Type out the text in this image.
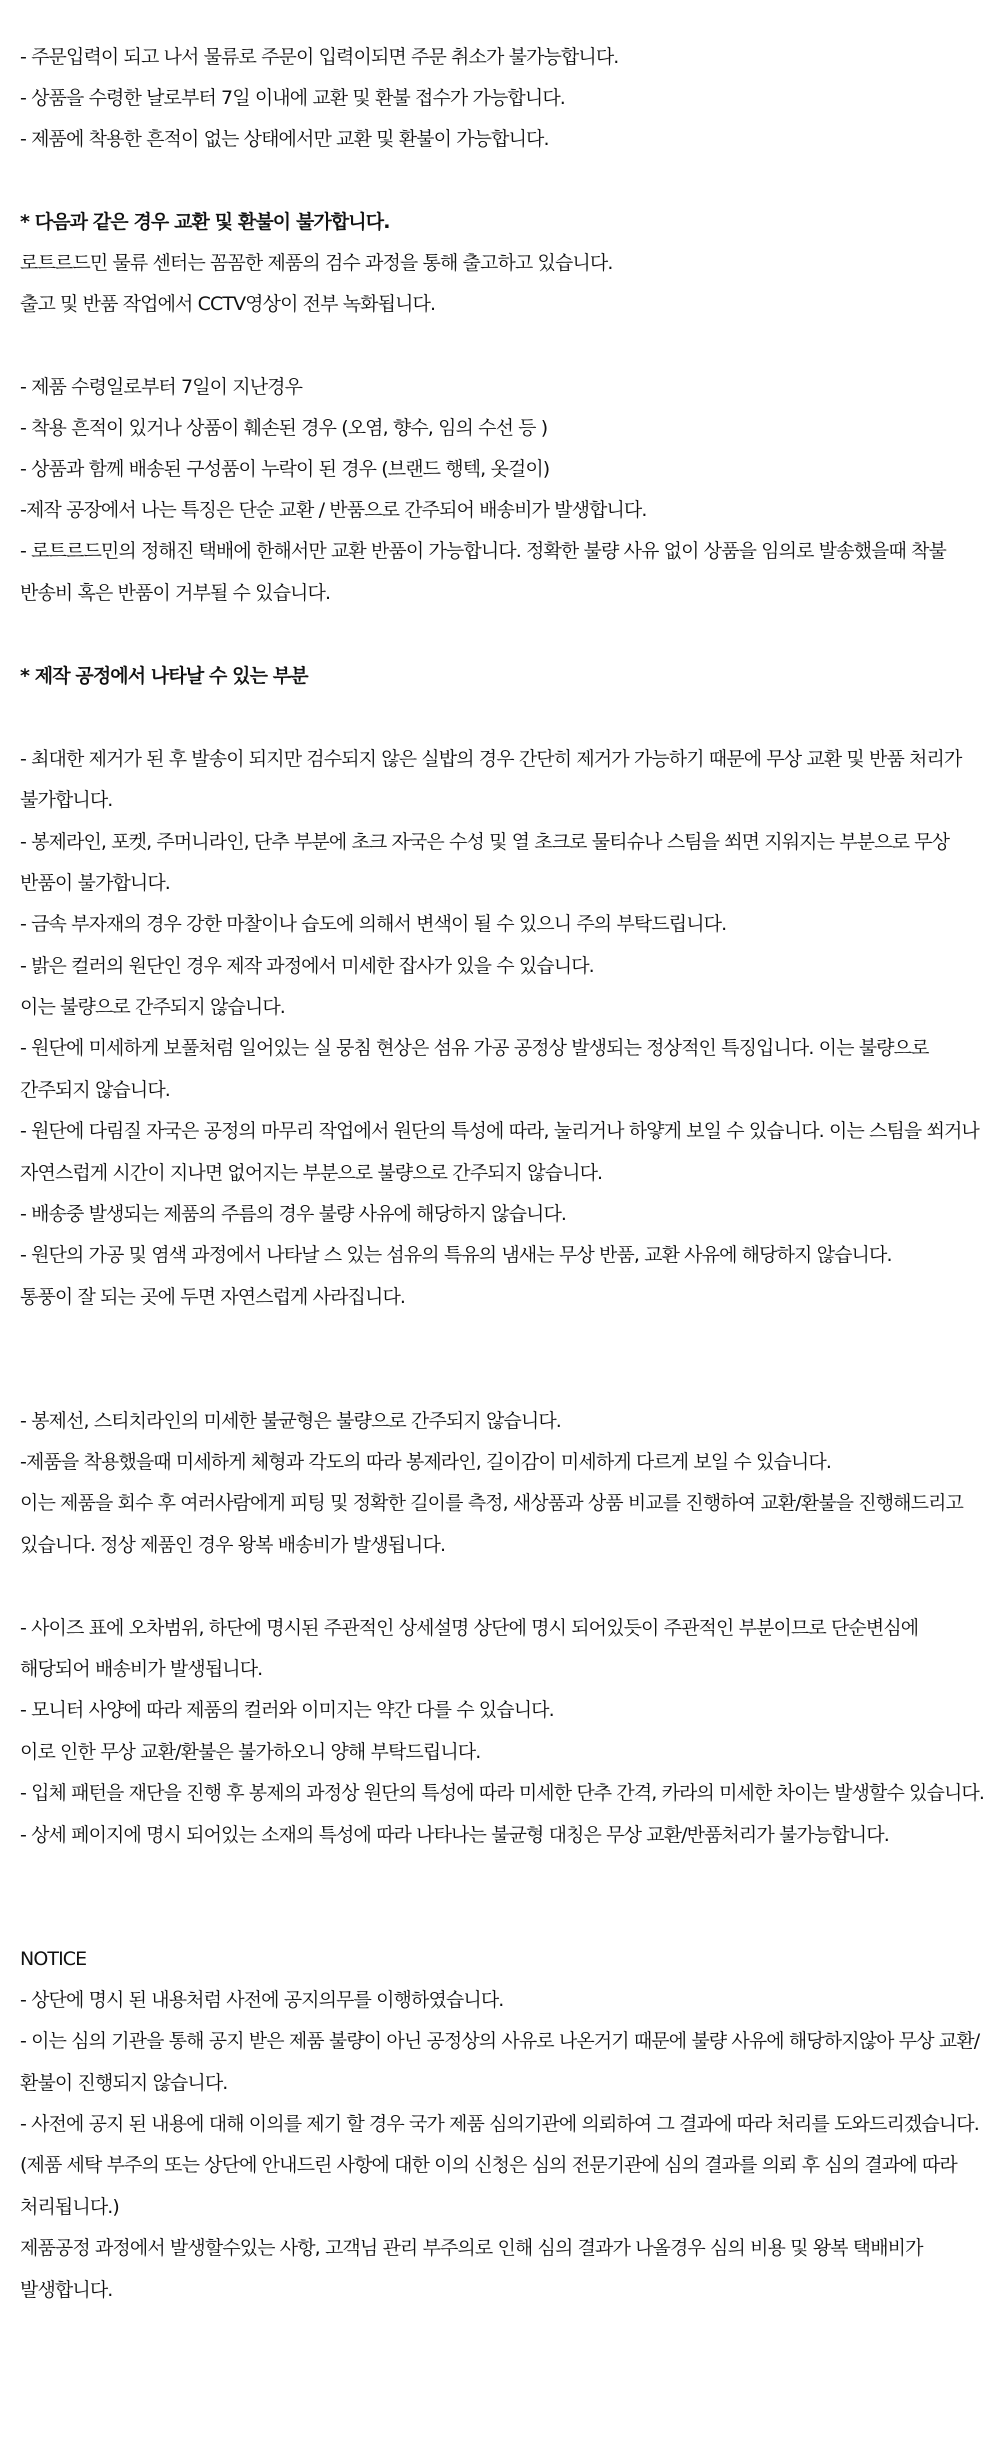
- 주문입력이 되고 나서 물류로 주문이 입력이되면 주문 취소가 불가능합니다.
- 상품을 수령한 날로부터 7일 이내에 교환 및 환불 접수가 가능합니다.
- 제품에 착용한 흔적이 없는 상태에서만 교환 및 환불이 가능합니다.
* 다음과 같은 경우 교환 및 환불이 불가합니다.
로트르드민 물류 센터는 꼼꼼한 제품의 검수 과정을 통해 출고하고 있습니다.
출고 및 반품 작업에서 CCTV영상이 전부 녹화됩니다.
- 제품 수령일로부터 7일이 지난경우
- 착용 흔적이 있거나 상품이 훼손된 경우 (오염, 향수, 임의 수선 등 )
- 상품과 함께 배송된 구성품이 누락이 된 경우 (브랜드 행텍, 옷걸이)
-제작 공장에서 나는 특징은 단순 교환 / 반품으로 간주되어 배송비가 발생합니다.
- 로트르드민의 정해진 택배에 한해서만 교환 반품이 가능합니다. 정확한 불량 사유 없이 상품을 임의로 발송했을때 착불
반송비 혹은 반품이 거부될 수 있습니다.
* 제작 공정에서 나타날 수 있는 부분
- 최대한 제거가 된 후 발송이 되지만 검수되지 않은 실밥의 경우 간단히 제거가 가능하기 때문에 무상 교환 및 반품 처리가
불가합니다.
- 봉제라인, 포켓, 주머니라인, 단추 부분에 초크 자국은 수성 및 열 초크로 물티슈나 스팀을 쐬면 지워지는 부분으로 무상
반품이 불가합니다.
- 금속 부자재의 경우 강한 마찰이나 습도에 의해서 변색이 될 수 있으니 주의 부탁드립니다.
- 밝은 컬러의 원단인 경우 제작 과정에서 미세한 잡사가 있을 수 있습니다.
이는 불량으로 간주되지 않습니다.
- 원단에 미세하게 보풀처럼 일어있는 실 뭉침 현상은 섬유 가공 공정상 발생되는 정상적인 특징입니다. 이는 불량으로
간주되지 않습니다.
- 원단에 다림질 자국은 공정의 마무리 작업에서 원단의 특성에 따라, 눌리거나 하얗게 보일 수 있습니다. 이는 스팀을 쐬거나
자연스럽게 시간이 지나면 없어지는 부분으로 불량으로 간주되지 않습니다.
- 배송중 발생되는 제품의 주름의 경우 불량 사유에 해당하지 않습니다.
- 원단의 가공 및 염색 과정에서 나타날 스 있는 섬유의 특유의 냄새는 무상 반품, 교환 사유에 해당하지 않습니다.
통풍이 잘 되는 곳에 두면 자연스럽게 사라집니다.
- 봉제선, 스티치라인의 미세한 불균형은 불량으로 간주되지 않습니다.
-제품을 착용했을때 미세하게 체형과 각도의 따라 봉제라인, 길이감이 미세하게 다르게 보일 수 있습니다.
이는 제품을 회수 후 여러사람에게 피팅 및 정확한 길이를 측정, 새상품과 상품 비교를 진행하여 교환/환불을 진행해드리고
있습니다. 정상 제품인 경우 왕복 배송비가 발생됩니다.
- 사이즈 표에 오차범위, 하단에 명시된 주관적인 상세설명 상단에 명시 되어있듯이 주관적인 부분이므로 단순변심에
해당되어 배송비가 발생됩니다.
- 모니터 사양에 따라 제품의 컬러와 이미지는 약간 다를 수 있습니다.
이로 인한 무상 교환/환불은 불가하오니 양해 부탁드립니다.
- 입체 패턴을 재단을 진행 후 봉제의 과정상 원단의 특성에 따라 미세한 단추 간격, 카라의 미세한 차이는 발생할수 있습니다.
- 상세 페이지에 명시 되어있는 소재의 특성에 따라 나타나는 불균형 대칭은 무상 교환/반품처리가 불가능합니다.
NOTICE
- 상단에 명시 된 내용처럼 사전에 공지의무를 이행하였습니다.
- 이는 심의 기관을 통해 공지 받은 제품 불량이 아닌 공정상의 사유로 나온거기 때문에 불량 사유에 해당하지않아 무상 교환/
환불이 진행되지 않습니다.
- 사전에 공지 된 내용에 대해 이의를 제기 할 경우 국가 제품 심의기관에 의뢰하여 그 결과에 따라 처리를 도와드리겠습니다.
(제품 세탁 부주의 또는 상단에 안내드린 사항에 대한 이의 신청은 심의 전문기관에 심의 결과를 의뢰 후 심의 결과에 따라
처리됩니다.)
제품공정 과정에서 발생할수있는 사항, 고객님 관리 부주의로 인해 심의 결과가 나올경우 심의 비용 및 왕복 택배비가
발생합니다.
